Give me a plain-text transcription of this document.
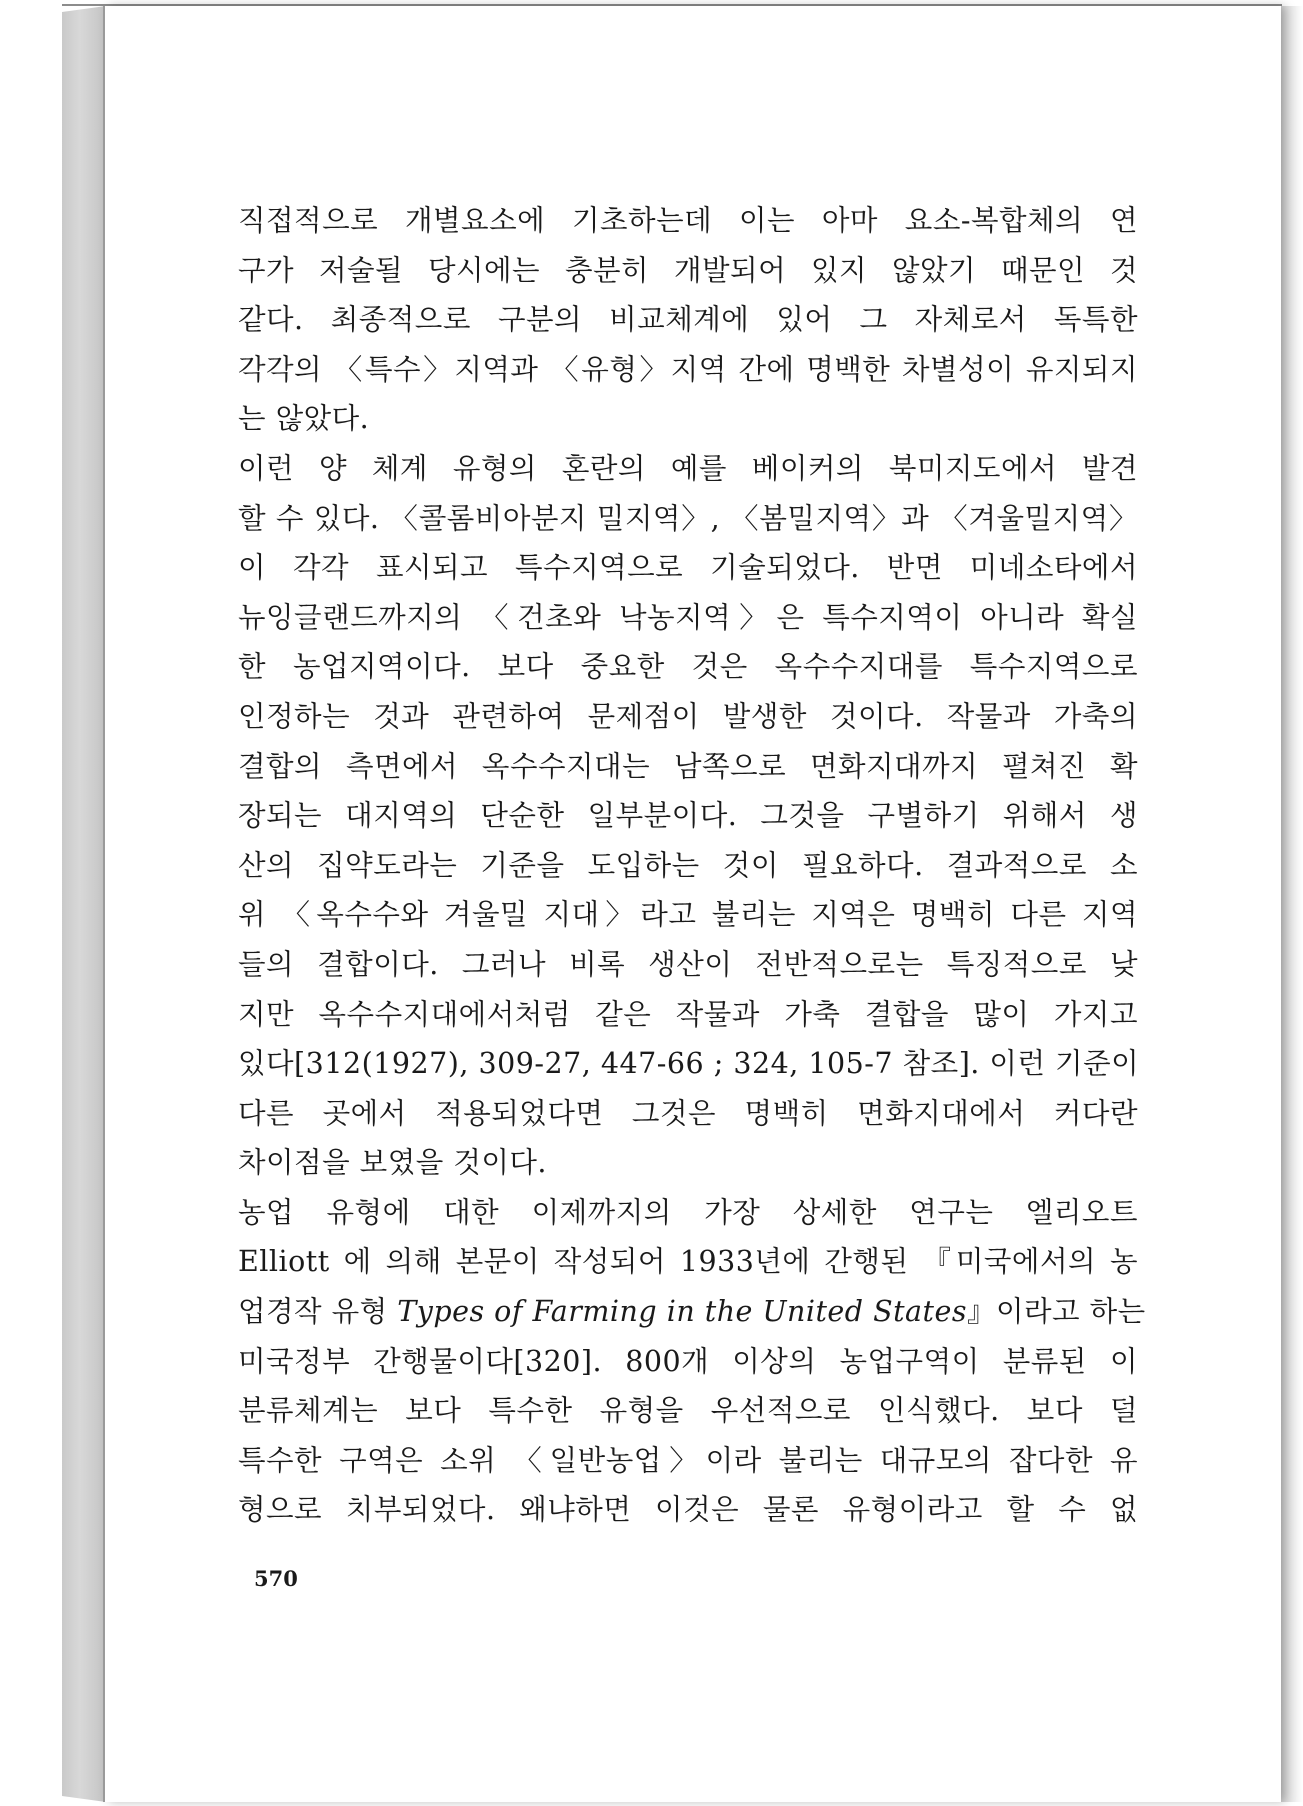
직접적으로 개별요소에 기초하는데 이는 아마 요소-복합체의 연
구가 저술될 당시에는 충분히 개발되어 있지 않았기 때문인 것
같다. 최종적으로 구분의 비교체계에 있어 그 자체로서 독특한
각각의 〈특수〉지역과 〈유형〉지역 간에 명백한 차별성이 유지되지
는 않았다.
이런 양 체계 유형의 혼란의 예를 베이커의 북미지도에서 발견
할 수 있다. 〈콜롬비아분지 밀지역〉, 〈봄밀지역〉과 〈겨울밀지역〉
이 각각 표시되고 특수지역으로 기술되었다. 반면 미네소타에서
뉴잉글랜드까지의 〈건초와 낙농지역〉은 특수지역이 아니라 확실
한 농업지역이다. 보다 중요한 것은 옥수수지대를 특수지역으로
인정하는 것과 관련하여 문제점이 발생한 것이다. 작물과 가축의
결합의 측면에서 옥수수지대는 남쪽으로 면화지대까지 펼쳐진 확
장되는 대지역의 단순한 일부분이다. 그것을 구별하기 위해서 생
산의 집약도라는 기준을 도입하는 것이 필요하다. 결과적으로 소
위 〈옥수수와 겨울밀 지대〉라고 불리는 지역은 명백히 다른 지역
들의 결합이다. 그러나 비록 생산이 전반적으로는 특징적으로 낮
지만 옥수수지대에서처럼 같은 작물과 가축 결합을 많이 가지고
있다[312(1927), 309-27, 447-66 ; 324, 105-7 참조]. 이런 기준이
다른 곳에서 적용되었다면 그것은 명백히 면화지대에서 커다란
차이점을 보였을 것이다.
농업 유형에 대한 이제까지의 가장 상세한 연구는 엘리오트
Elliott 에 의해 본문이 작성되어 1933년에 간행된 『미국에서의 농
업경작 유형 Types of Farming in the United States』이라고 하는
미국정부 간행물이다[320]. 800개 이상의 농업구역이 분류된 이
분류체계는 보다 특수한 유형을 우선적으로 인식했다. 보다 덜
특수한 구역은 소위 〈일반농업〉이라 불리는 대규모의 잡다한 유
형으로 치부되었다. 왜냐하면 이것은 물론 유형이라고 할 수 없
570
